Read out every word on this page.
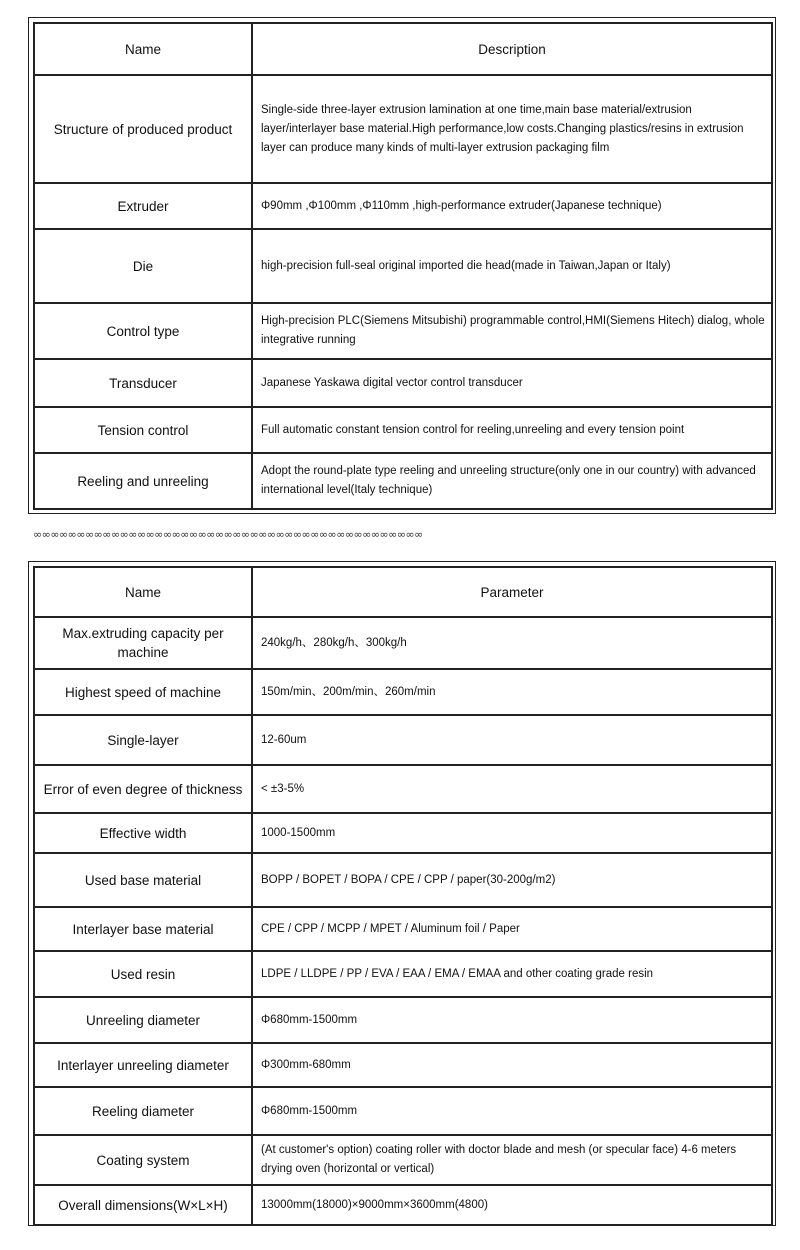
Name	Description
Structure of produced product	Single-side three-layer extrusion lamination at one time,main base material/extrusion layer/interlayer base material.High performance,low costs.Changing plastics/resins in extrusion layer can produce many kinds of multi-layer extrusion packaging film
Extruder	Φ90mm ,Φ100mm ,Φ110mm ,high-performance extruder(Japanese technique)
Die	high-precision full-seal original imported die head(made in Taiwan,Japan or Italy)
Control type	High-precision PLC(Siemens Mitsubishi) programmable control,HMI(Siemens Hitech) dialog, whole integrative running
Transducer	Japanese Yaskawa digital vector control transducer
Tension control	Full automatic constant tension control for reeling,unreeling and every tension point
Reeling and unreeling	Adopt the round-plate type reeling and unreeling structure(only one in our country) with advanced international level(Italy technique)
∞∞∞∞∞∞∞∞∞∞∞∞∞∞∞∞∞∞∞∞∞∞∞∞∞∞∞∞∞∞∞∞∞∞∞∞∞∞∞∞∞∞∞∞∞
Name	Parameter
Max.extruding capacity per machine	240kg/h、280kg/h、300kg/h
Highest speed of machine	150m/min、200m/min、260m/min
Single-layer	12-60um
Error of even degree of thickness	< ±3-5%
Effective width	1000-1500mm
Used base material	BOPP / BOPET / BOPA / CPE / CPP / paper(30-200g/m2)
Interlayer base material	CPE / CPP / MCPP / MPET / Aluminum foil / Paper
Used resin	LDPE / LLDPE / PP / EVA / EAA / EMA / EMAA and other coating grade resin
Unreeling diameter	Φ680mm-1500mm
Interlayer unreeling diameter	Φ300mm-680mm
Reeling diameter	Φ680mm-1500mm
Coating system	(At customer's option) coating roller with doctor blade and mesh (or specular face) 4-6 meters drying oven (horizontal or vertical)
Overall dimensions(W×L×H)	13000mm(18000)×9000mm×3600mm(4800)
